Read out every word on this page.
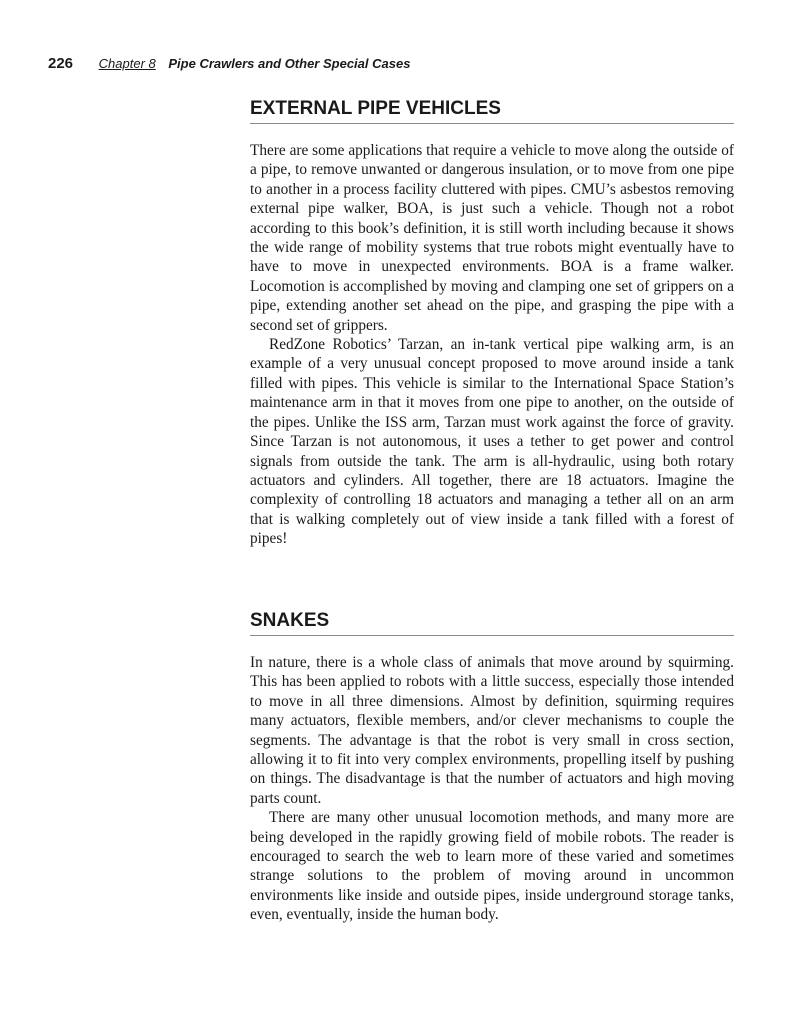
226 Chapter 8 Pipe Crawlers and Other Special Cases
EXTERNAL PIPE VEHICLES

There are some applications that require a vehicle to move along the outside of a pipe, to remove unwanted or dangerous insulation, or to move from one pipe to another in a process facility cluttered with pipes. CMU’s asbestos removing external pipe walker, BOA, is just such a vehicle. Though not a robot according to this book’s definition, it is still worth including because it shows the wide range of mobility systems that true robots might eventually have to have to move in unexpected environments. BOA is a frame walker. Locomotion is accomplished by moving and clamping one set of grippers on a pipe, extending another set ahead on the pipe, and grasping the pipe with a second set of grippers.

RedZone Robotics’ Tarzan, an in-tank vertical pipe walking arm, is an example of a very unusual concept proposed to move around inside a tank filled with pipes. This vehicle is similar to the International Space Station’s maintenance arm in that it moves from one pipe to another, on the outside of the pipes. Unlike the ISS arm, Tarzan must work against the force of gravity. Since Tarzan is not autonomous, it uses a tether to get power and control signals from outside the tank. The arm is all-hydraulic, using both rotary actuators and cylinders. All together, there are 18 actuators. Imagine the complexity of controlling 18 actuators and managing a tether all on an arm that is walking completely out of view inside a tank filled with a forest of pipes!

SNAKES

In nature, there is a whole class of animals that move around by squirming. This has been applied to robots with a little success, especially those intended to move in all three dimensions. Almost by definition, squirming requires many actuators, flexible members, and/or clever mechanisms to couple the segments. The advantage is that the robot is very small in cross section, allowing it to fit into very complex environments, propelling itself by pushing on things. The disadvantage is that the number of actuators and high moving parts count.

There are many other unusual locomotion methods, and many more are being developed in the rapidly growing field of mobile robots. The reader is encouraged to search the web to learn more of these varied and sometimes strange solutions to the problem of moving around in uncommon environments like inside and outside pipes, inside underground storage tanks, even, eventually, inside the human body.
